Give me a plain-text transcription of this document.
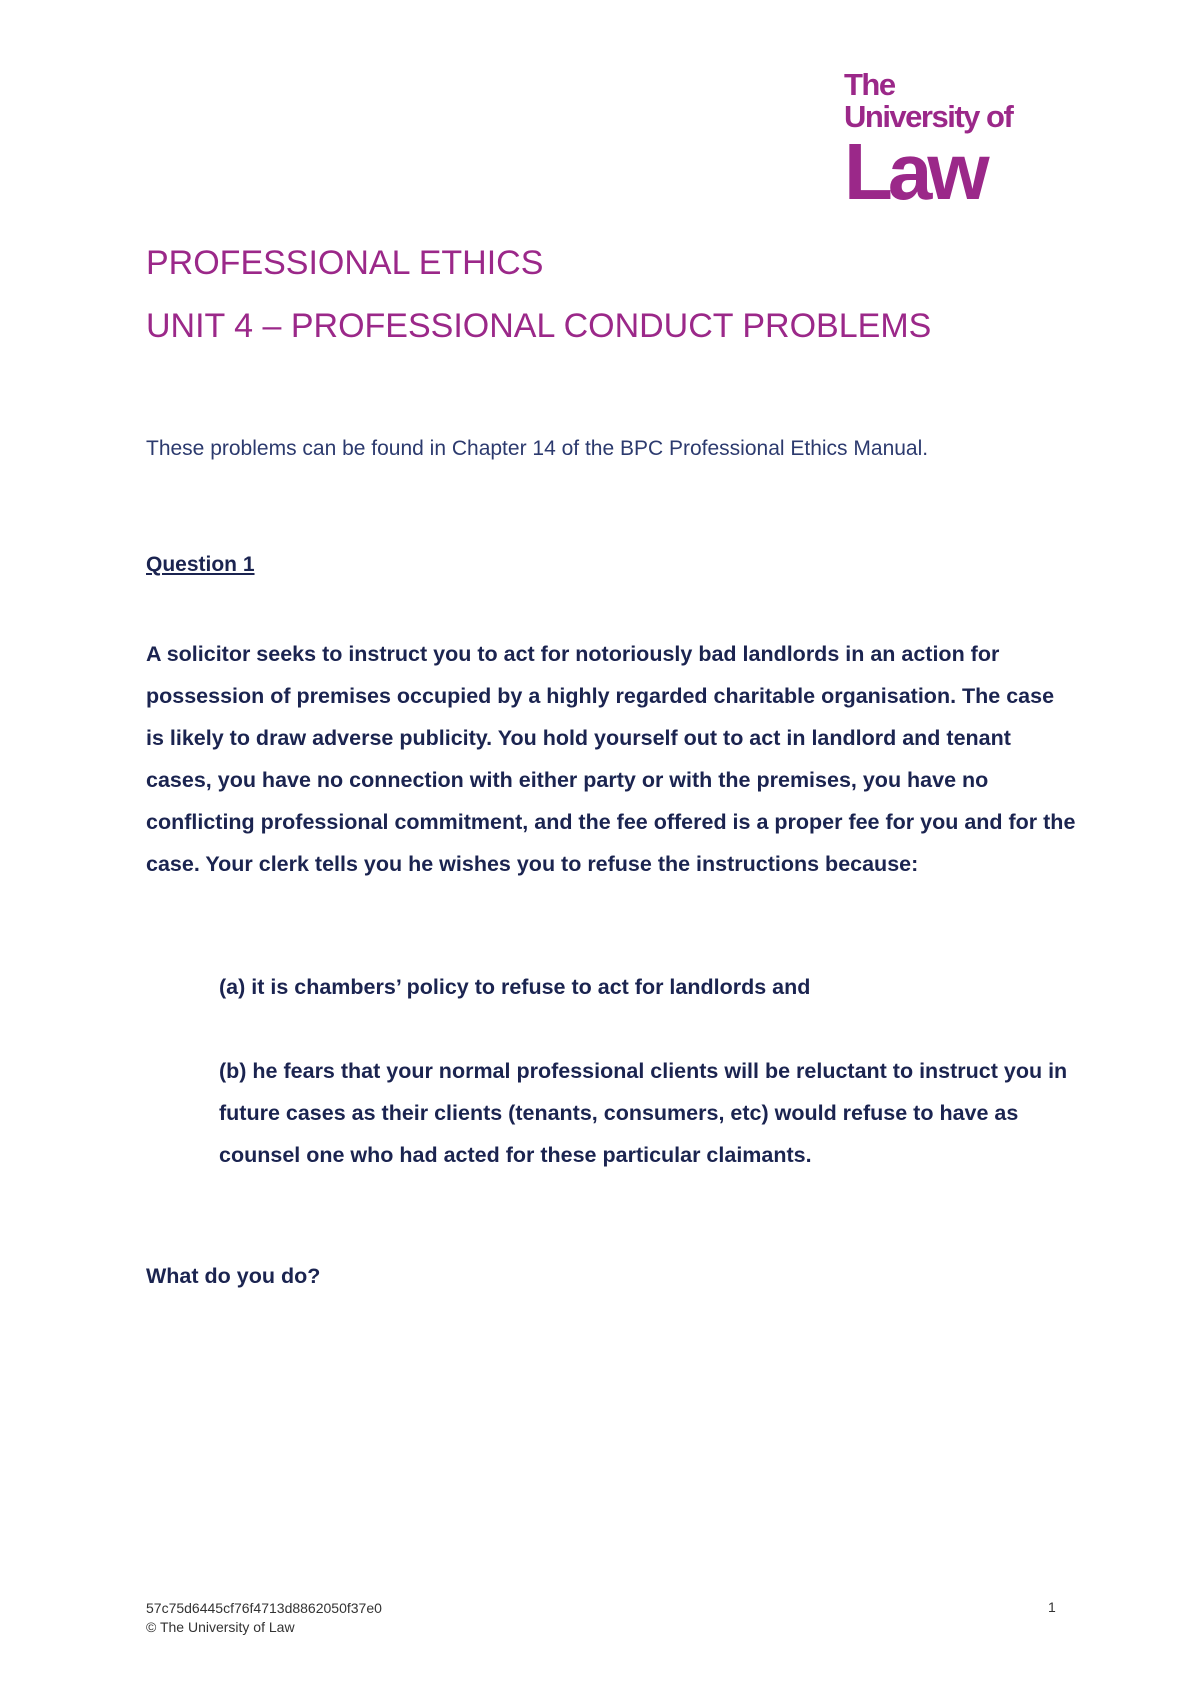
The
University of
Law
PROFESSIONAL ETHICS
UNIT 4 – PROFESSIONAL CONDUCT PROBLEMS
These problems can be found in Chapter 14 of the BPC Professional Ethics Manual.
Question 1

A solicitor seeks to instruct you to act for notoriously bad landlords in an action for possession of premises occupied by a highly regarded charitable organisation. The case is likely to draw adverse publicity. You hold yourself out to act in landlord and tenant cases, you have no connection with either party or with the premises, you have no conflicting professional commitment, and the fee offered is a proper fee for you and for the case. Your clerk tells you he wishes you to refuse the instructions because:

(a) it is chambers’ policy to refuse to act for landlords and

(b) he fears that your normal professional clients will be reluctant to instruct you in future cases as their clients (tenants, consumers, etc) would refuse to have as counsel one who had acted for these particular claimants.

What do you do?
57c75d6445cf76f4713d8862050f37e0
© The University of Law
1
